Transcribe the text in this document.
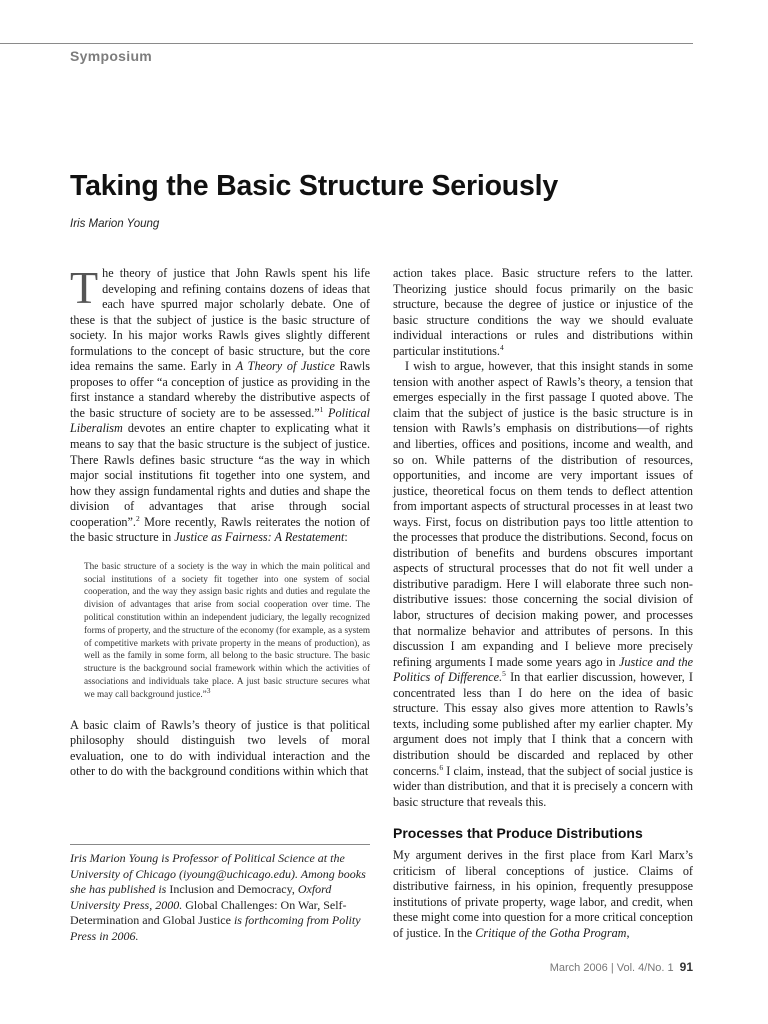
Symposium
Taking the Basic Structure Seriously
Iris Marion Young

The theory of justice that John Rawls spent his life developing and refining contains dozens of ideas that each have spurred major scholarly debate. One of these is that the subject of justice is the basic structure of society. In his major works Rawls gives slightly different formulations to the concept of basic structure, but the core idea remains the same. Early in A Theory of Justice Rawls proposes to offer “a conception of justice as providing in the first instance a standard whereby the distributive aspects of the basic structure of society are to be assessed.”$^1$ Political Liberalism devotes an entire chapter to explicating what it means to say that the basic structure is the subject of justice. There Rawls defines basic structure “as the way in which major social institutions fit together into one system, and how they assign fundamental rights and duties and shape the division of advantages that arise through social cooperation”.$^2$ More recently, Rawls reiterates the notion of the basic structure in Justice as Fairness: A Restatement:

The basic structure of a society is the way in which the main political and social institutions of a society fit together into one system of social cooperation, and the way they assign basic rights and duties and regulate the division of advantages that arise from social cooperation over time. The political constitution within an independent judiciary, the legally recognized forms of property, and the structure of the economy (for example, as a system of competitive markets with private property in the means of production), as well as the family in some form, all belong to the basic structure. The basic structure is the background social framework within which the activities of associations and individuals take place. A just basic structure secures what we may call background justice.”$^3$

A basic claim of Rawls’s theory of justice is that political philosophy should distinguish two levels of moral evaluation, one to do with individual interaction and the other to do with the background conditions within which that

action takes place. Basic structure refers to the latter. Theorizing justice should focus primarily on the basic structure, because the degree of justice or injustice of the basic structure conditions the way we should evaluate individual interactions or rules and distributions within particular institutions.$^4$

I wish to argue, however, that this insight stands in some tension with another aspect of Rawls’s theory, a tension that emerges especially in the first passage I quoted above. The claim that the subject of justice is the basic structure is in tension with Rawls’s emphasis on distributions—of rights and liberties, offices and positions, income and wealth, and so on. While patterns of the distribution of resources, opportunities, and income are very important issues of justice, theoretical focus on them tends to deflect attention from important aspects of structural processes in at least two ways. First, focus on distribution pays too little attention to the processes that produce the distributions. Second, focus on distribution of benefits and burdens obscures important aspects of structural processes that do not fit well under a distributive paradigm. Here I will elaborate three such non-distributive issues: those concerning the social division of labor, structures of decision making power, and processes that normalize behavior and attributes of persons. In this discussion I am expanding and I believe more precisely refining arguments I made some years ago in Justice and the Politics of Difference.$^5$ In that earlier discussion, however, I concentrated less than I do here on the idea of basic structure. This essay also gives more attention to Rawls’s texts, including some published after my earlier chapter. My argument does not imply that I think that a concern with distribution should be discarded and replaced by other concerns.$^6$ I claim, instead, that the subject of social justice is wider than distribution, and that it is precisely a concern with basic structure that reveals this.

Processes that Produce Distributions

My argument derives in the first place from Karl Marx’s criticism of liberal conceptions of justice. Claims of distributive fairness, in his opinion, frequently presuppose institutions of private property, wage labor, and credit, when these might come into question for a more critical conception of justice. In the Critique of the Gotha Program,

Iris Marion Young is Professor of Political Science at the University of Chicago (iyoung@uchicago.edu). Among books she has published is Inclusion and Democracy, Oxford University Press, 2000. Global Challenges: On War, Self-Determination and Global Justice is forthcoming from Polity Press in 2006.
March 2006 | Vol. 4/No. 1 91
